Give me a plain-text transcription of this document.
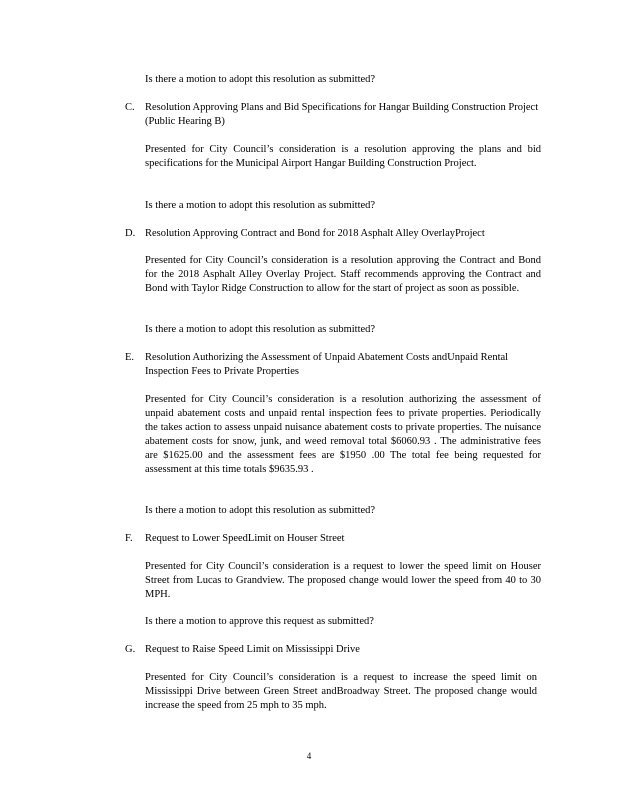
Is there a motion to adopt this resolution as submitted?

C. Resolution Approving Plans and Bid Specifications for Hangar Building Construction Project (Public Hearing B)

Presented for City Council’s consideration is a resolution approving the plans and bid specifications for the Municipal Airport Hangar Building Construction Project.

Is there a motion to adopt this resolution as submitted?

D. Resolution Approving Contract and Bond for 2018 Asphalt Alley OverlayProject

Presented for City Council’s consideration is a resolution approving the Contract and Bond for the 2018 Asphalt Alley Overlay Project. Staff recommends approving the Contract and Bond with Taylor Ridge Construction to allow for the start of project as soon as possible.

Is there a motion to adopt this resolution as submitted?

E. Resolution Authorizing the Assessment of Unpaid Abatement Costs andUnpaid Rental Inspection Fees to Private Properties

Presented for City Council’s consideration is a resolution authorizing the assessment of unpaid abatement costs and unpaid rental inspection fees to private properties. Periodically the takes action to assess unpaid nuisance abatement costs to private properties. The nuisance abatement costs for snow, junk, and weed removal total $6060.93 . The administrative fees are $1625.00 and the assessment fees are $1950 .00 The total fee being requested for assessment at this time totals $9635.93 .

Is there a motion to adopt this resolution as submitted?

F. Request to Lower SpeedLimit on Houser Street

Presented for City Council’s consideration is a request to lower the speed limit on Houser Street from Lucas to Grandview. The proposed change would lower the speed from 40 to 30 MPH.

Is there a motion to approve this request as submitted?

G. Request to Raise Speed Limit on Mississippi Drive

Presented for City Council’s consideration is a request to increase the speed limit on Mississippi Drive between Green Street andBroadway Street. The proposed change would increase the speed from 25 mph to 35 mph.

4
